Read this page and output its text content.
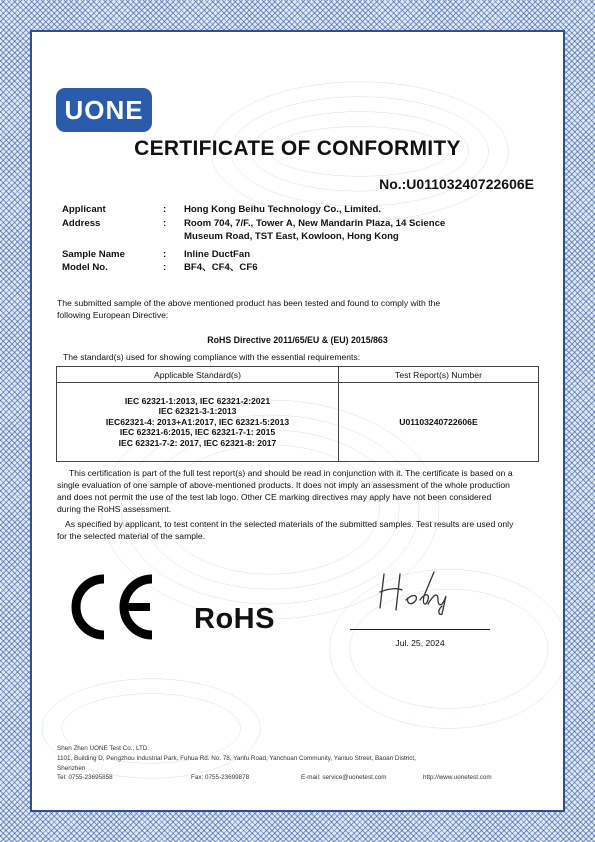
UONE
CERTIFICATE OF CONFORMITY
No.:U01103240722606E
Applicant	:	Hong Kong Beihu Technology Co., Limited.
Address	:	Room 704, 7/F., Tower A, New Mandarin Plaza, 14 Science
Museum Road, TST East, Kowloon, Hong Kong
Sample Name	:	Inline DuctFan
Model No.	:	BF4、CF4、CF6
The submitted sample of the above mentioned product has been tested and found to comply with the
following European Directive:
RoHS Directive 2011/65/EU & (EU) 2015/863
The standard(s) used for showing compliance with the essential requirements:
Applicable Standard(s)	Test Report(s) Number

IEC 62321-1:2013, IEC 62321-2:2021
IEC 62321-3-1:2013
IEC62321-4: 2013+A1:2017, IEC 62321-5:2013
IEC 62321-6:2015, IEC 62321-7-1: 2015
IEC 62321-7-2: 2017, IEC 62321-8: 2017	U01103240722606E
This certification is part of the full test report(s) and should be read in conjunction with it. The certificate is based on a
single evaluation of one sample of above-mentioned products. It does not imply an assessment of the whole production
and does not permit the use of the test lab logo. Other CE marking directives may apply have not been considered
during the RoHS assessment.
As specified by applicant, to test content in the selected materials of the submitted samples. Test results are used only
for the selected material of the sample.
RoHS
Jul. 25, 2024
Shen Zhen UONE Test Co., LTD.
1101, Building D, Pengzhou Industrial Park, Fuhua Rd. No. 78, Yanfu Road, Yanchuan Community, Yanluo Street, Baoan District,
Shenzhen
Tel: 0755-23695858	Fax: 0755-23699878	E-mail: service@uonetest.com	http://www.uonetest.com
